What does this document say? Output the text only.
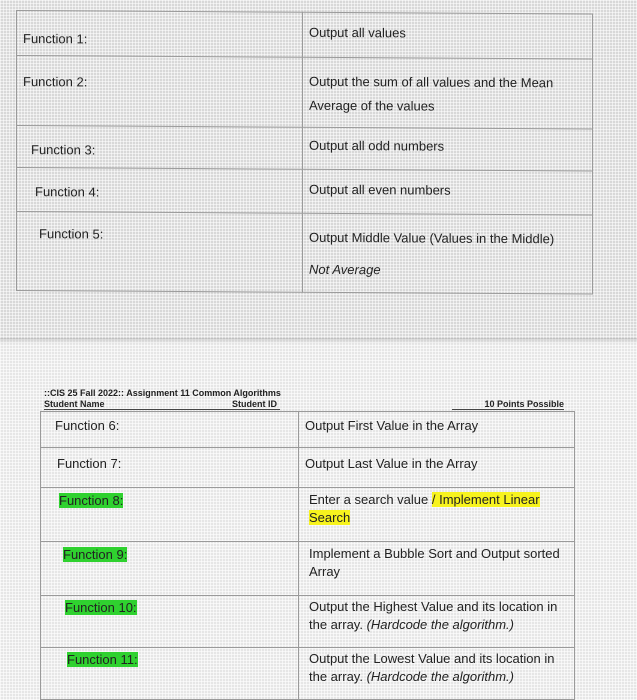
Function 1:	Output all values

Function 2:	Output the sum of all values and the Mean
Average of the values

Function 3:	Output all odd numbers

Function 4:	Output all even numbers

Function 5:	Output Middle Value (Values in the Middle)
Not Average
::CIS 25 Fall 2022:: Assignment 11 Common Algorithms
Student Name	Student ID	10 Points Possible
Function 6:	Output First Value in the Array

Function 7:	Output Last Value in the Array

Function 8:	Enter a search value / Implement Linear
Search

Function 9:	Implement a Bubble Sort and Output sorted
Array

Function 10:	Output the Highest Value and its location in
the array. (Hardcode the algorithm.)

Function 11:	Output the Lowest Value and its location in
the array. (Hardcode the algorithm.)
